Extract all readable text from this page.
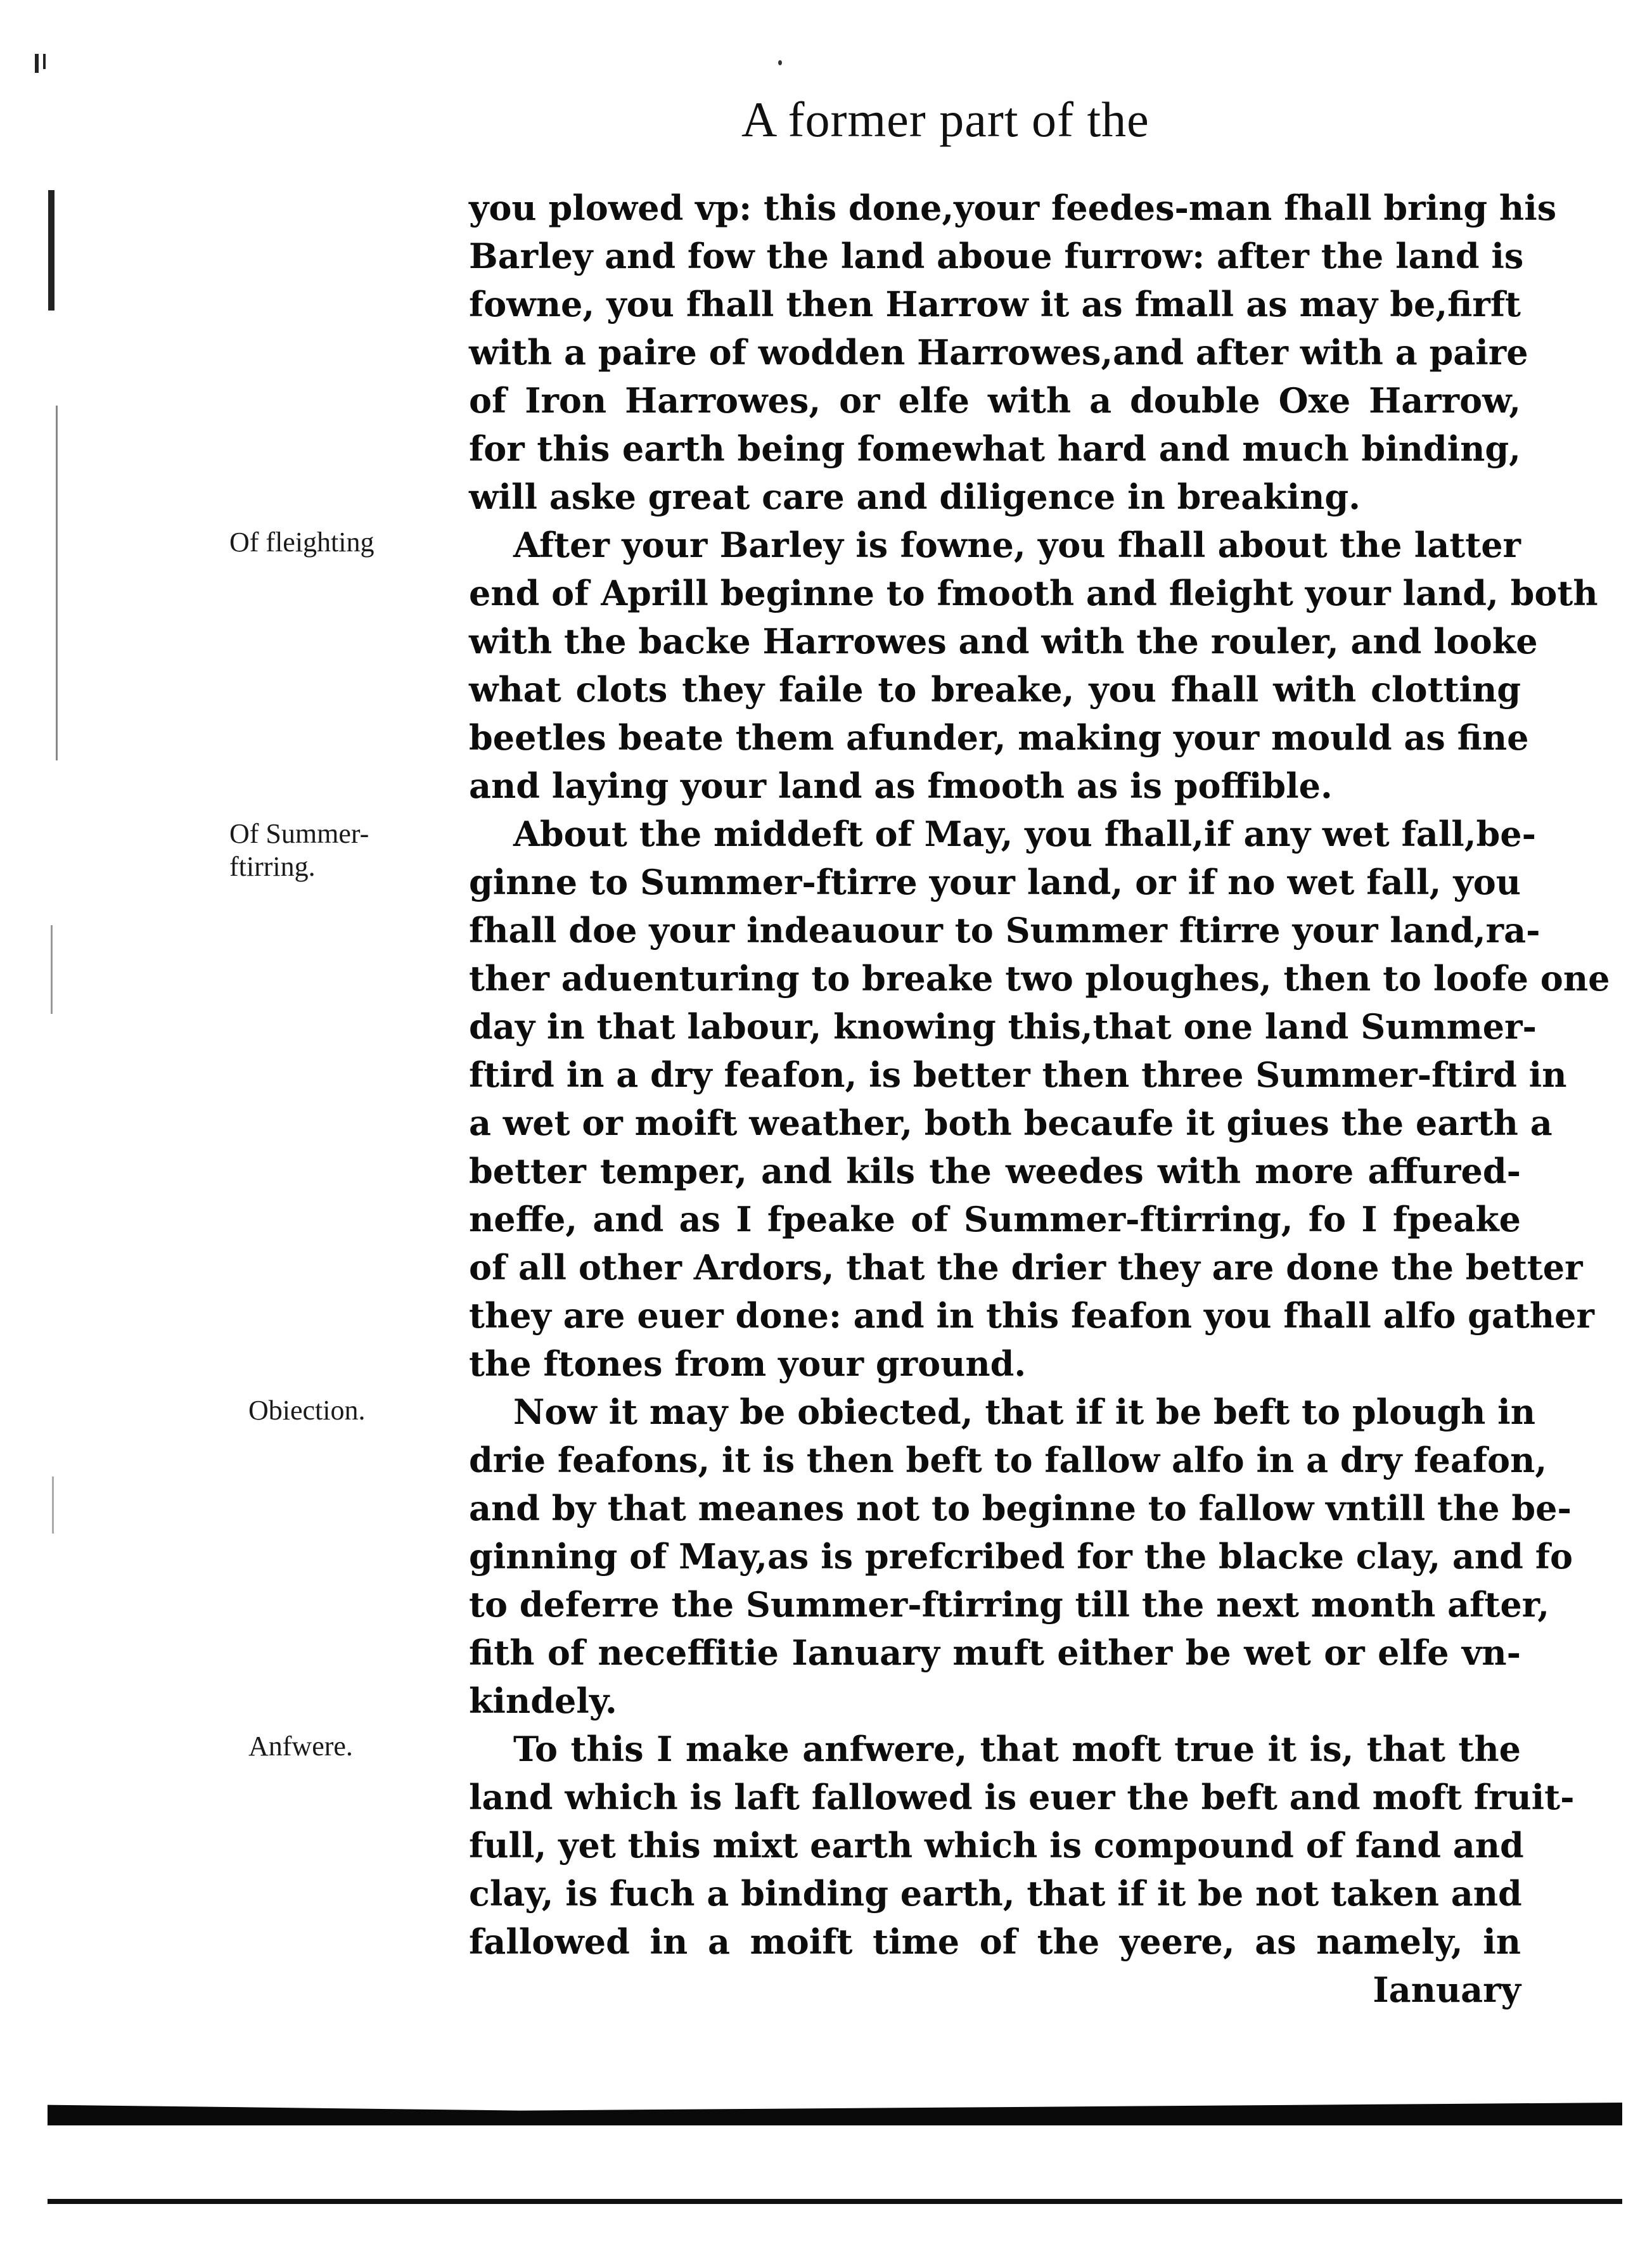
A former part of the
Of fleighting
Of Summer-
ftirring.
Obiection.
Anfwere.
you plowed vp: this done,your feedes-man fhall bring his
Barley and fow the land aboue furrow: after the land is
fowne, you fhall then Harrow it as fmall as may be,firft
with a paire of wodden Harrowes,and after with a paire
of Iron Harrowes, or elfe with a double Oxe Harrow,
for this earth being fomewhat hard and much binding,
will aske great care and diligence in breaking.
After your Barley is fowne, you fhall about the latter
end of Aprill beginne to fmooth and fleight your land, both
with the backe Harrowes and with the rouler, and looke
what clots they faile to breake, you fhall with clotting
beetles beate them afunder, making your mould as fine
and laying your land as fmooth as is poffible.
About the middeft of May, you fhall,if any wet fall,be-
ginne to Summer-ftirre your land, or if no wet fall, you
fhall doe your indeauour to Summer ftirre your land,ra-
ther aduenturing to breake two ploughes, then to loofe one
day in that labour, knowing this,that one land Summer-
ftird in a dry feafon, is better then three Summer-ftird in
a wet or moift weather, both becaufe it giues the earth a
better temper, and kils the weedes with more affured-
neffe, and as I fpeake of Summer-ftirring, fo I fpeake
of all other Ardors, that the drier they are done the better
they are euer done: and in this feafon you fhall alfo gather
the ftones from your ground.
Now it may be obiected, that if it be beft to plough in
drie feafons, it is then beft to fallow alfo in a dry feafon,
and by that meanes not to beginne to fallow vntill the be-
ginning of May,as is prefcribed for the blacke clay, and fo
to deferre the Summer-ftirring till the next month after,
fith of neceffitie Ianuary muft either be wet or elfe vn-
kindely.
To this I make anfwere, that moft true it is, that the
land which is laft fallowed is euer the beft and moft fruit-
full, yet this mixt earth which is compound of fand and
clay, is fuch a binding earth, that if it be not taken and
fallowed in a moift time of the yeere, as namely, in
Ianuary
